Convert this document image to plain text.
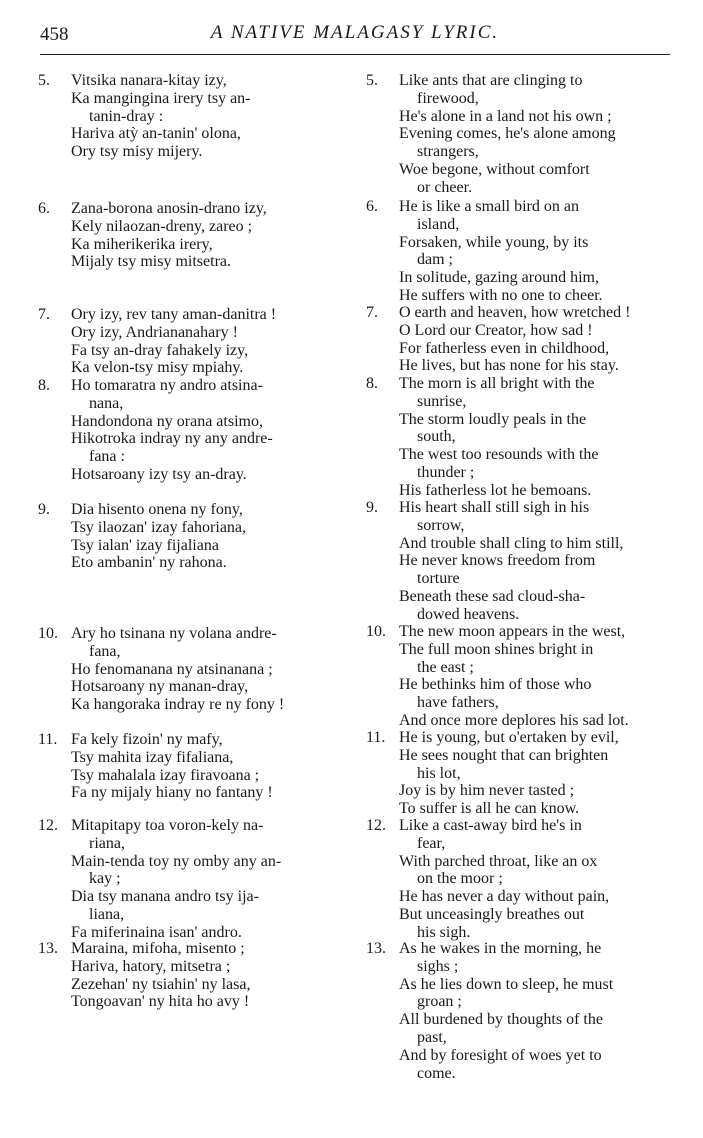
458	A NATIVE MALAGASY LYRIC.
5.	Vitsika nanara-kitay izy,
Ka mangingina irery tsy an-
tanin-dray :
Hariva atỳ an-tanin' olona,
Ory tsy misy mijery.
6.	Zana-borona anosin-drano izy,
Kely nilaozan-dreny, zareo ;
Ka miherikerika irery,
Mijaly tsy misy mitsetra.
7.	Ory izy, rev tany aman-danitra !
Ory izy, Andriananahary !
Fa tsy an-dray fahakely izy,
Ka velon-tsy misy mpiahy.
8.	Ho tomaratra ny andro atsina-
nana,
Handondona ny orana atsimo,
Hikotroka indray ny any andre-
fana :
Hotsaroany izy tsy an-dray.
9.	Dia hisento onena ny fony,
Tsy ilaozan' izay fahoriana,
Tsy ialan' izay fijaliana
Eto ambanin' ny rahona.
10. Ary ho tsinana ny volana andre-
fana,
Ho fenomanana ny atsinanana ;
Hotsaroany ny manan-dray,
Ka hangoraka indray re ny fony !
11. Fa kely fizoin' ny mafy,
Tsy mahita izay fifaliana,
Tsy mahalala izay firavoana ;
Fa ny mijaly hiany no fantany !
12. Mitapitapy toa voron-kely na-
riana,
Main-tenda toy ny omby any an-
kay ;
Dia tsy manana andro tsy ija-
liana,
Fa miferinaina isan' andro.
13. Maraina, mifoha, misento ;
Hariva, hatory, mitsetra ;
Zezehan' ny tsiahin' ny lasa,
Tongoavan' ny hita ho avy !
5.	Like ants that are clinging to
firewood,
He's alone in a land not his own ;
Evening comes, he's alone among
strangers,
Woe begone, without comfort
or cheer.
6.	He is like a small bird on an
island,
Forsaken, while young, by its
dam ;
In solitude, gazing around him,
He suffers with no one to cheer.
7.	O earth and heaven, how wretched !
O Lord our Creator, how sad !
For fatherless even in childhood,
He lives, but has none for his stay.
8.	The morn is all bright with the
sunrise,
The storm loudly peals in the
south,
The west too resounds with the
thunder ;
His fatherless lot he bemoans.
9.	His heart shall still sigh in his
sorrow,
And trouble shall cling to him still,
He never knows freedom from
torture
Beneath these sad cloud-sha-
dowed heavens.
10. The new moon appears in the west,
The full moon shines bright in
the east ;
He bethinks him of those who
have fathers,
And once more deplores his sad lot.
11. He is young, but o'ertaken by evil,
He sees nought that can brighten
his lot,
Joy is by him never tasted ;
To suffer is all he can know.
12. Like a cast-away bird he's in
fear,
With parched throat, like an ox
on the moor ;
He has never a day without pain,
But unceasingly breathes out
his sigh.
13. As he wakes in the morning, he
sighs ;
As he lies down to sleep, he must
groan ;
All burdened by thoughts of the
past,
And by foresight of woes yet to
come.
